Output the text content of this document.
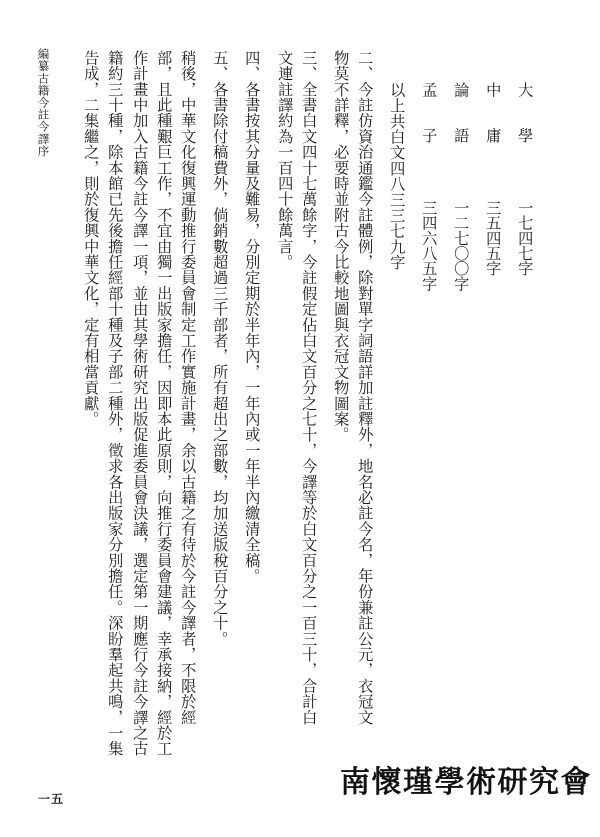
編纂古籍今註今譯序	大　　學
一七四七字
中　　庸
三五四五字
論　　語
一二七〇〇字
孟　　子
三四六八五字
以上共白文四八三三七九字
二、今註仿資治通鑑今註體例，除對單字詞語詳加註釋外，地名必註今名，年份兼註公元，衣冠文
物莫不詳釋，必要時並附古今比較地圖與衣冠文物圖案。
三、全書白文四十七萬餘字，今註假定佔白文百分之七十，今譯等於白文百分之一百三十，合計白
文連註譯約為一百四十餘萬言。
四、各書按其分量及難易，分別定期於半年內，一年內或一年半內繳清全稿。
五、各書除付稿費外，倘銷數超過三千部者，所有超出之部數，均加送版稅百分之十。
稍後，中華文化復興運動推行委員會制定工作實施計畫，余以古籍之有待於今註今譯者，不限於經
部，且此種艱巨工作，不宜由獨一出版家擔任，因即本此原則，向推行委員會建議，幸承接納，經於工
作計畫中加入古籍今註今譯一項，並由其學術研究出版促進委員會決議，選定第一期應行今註今譯之古
籍約三十種，除本館已先後擔任經部十種及子部二種外，徵求各出版家分別擔任。深盼羣起共鳴，一集
告成，二集繼之，則於復興中華文化，定有相當貢獻。
一五	南懷瑾學術研究會
